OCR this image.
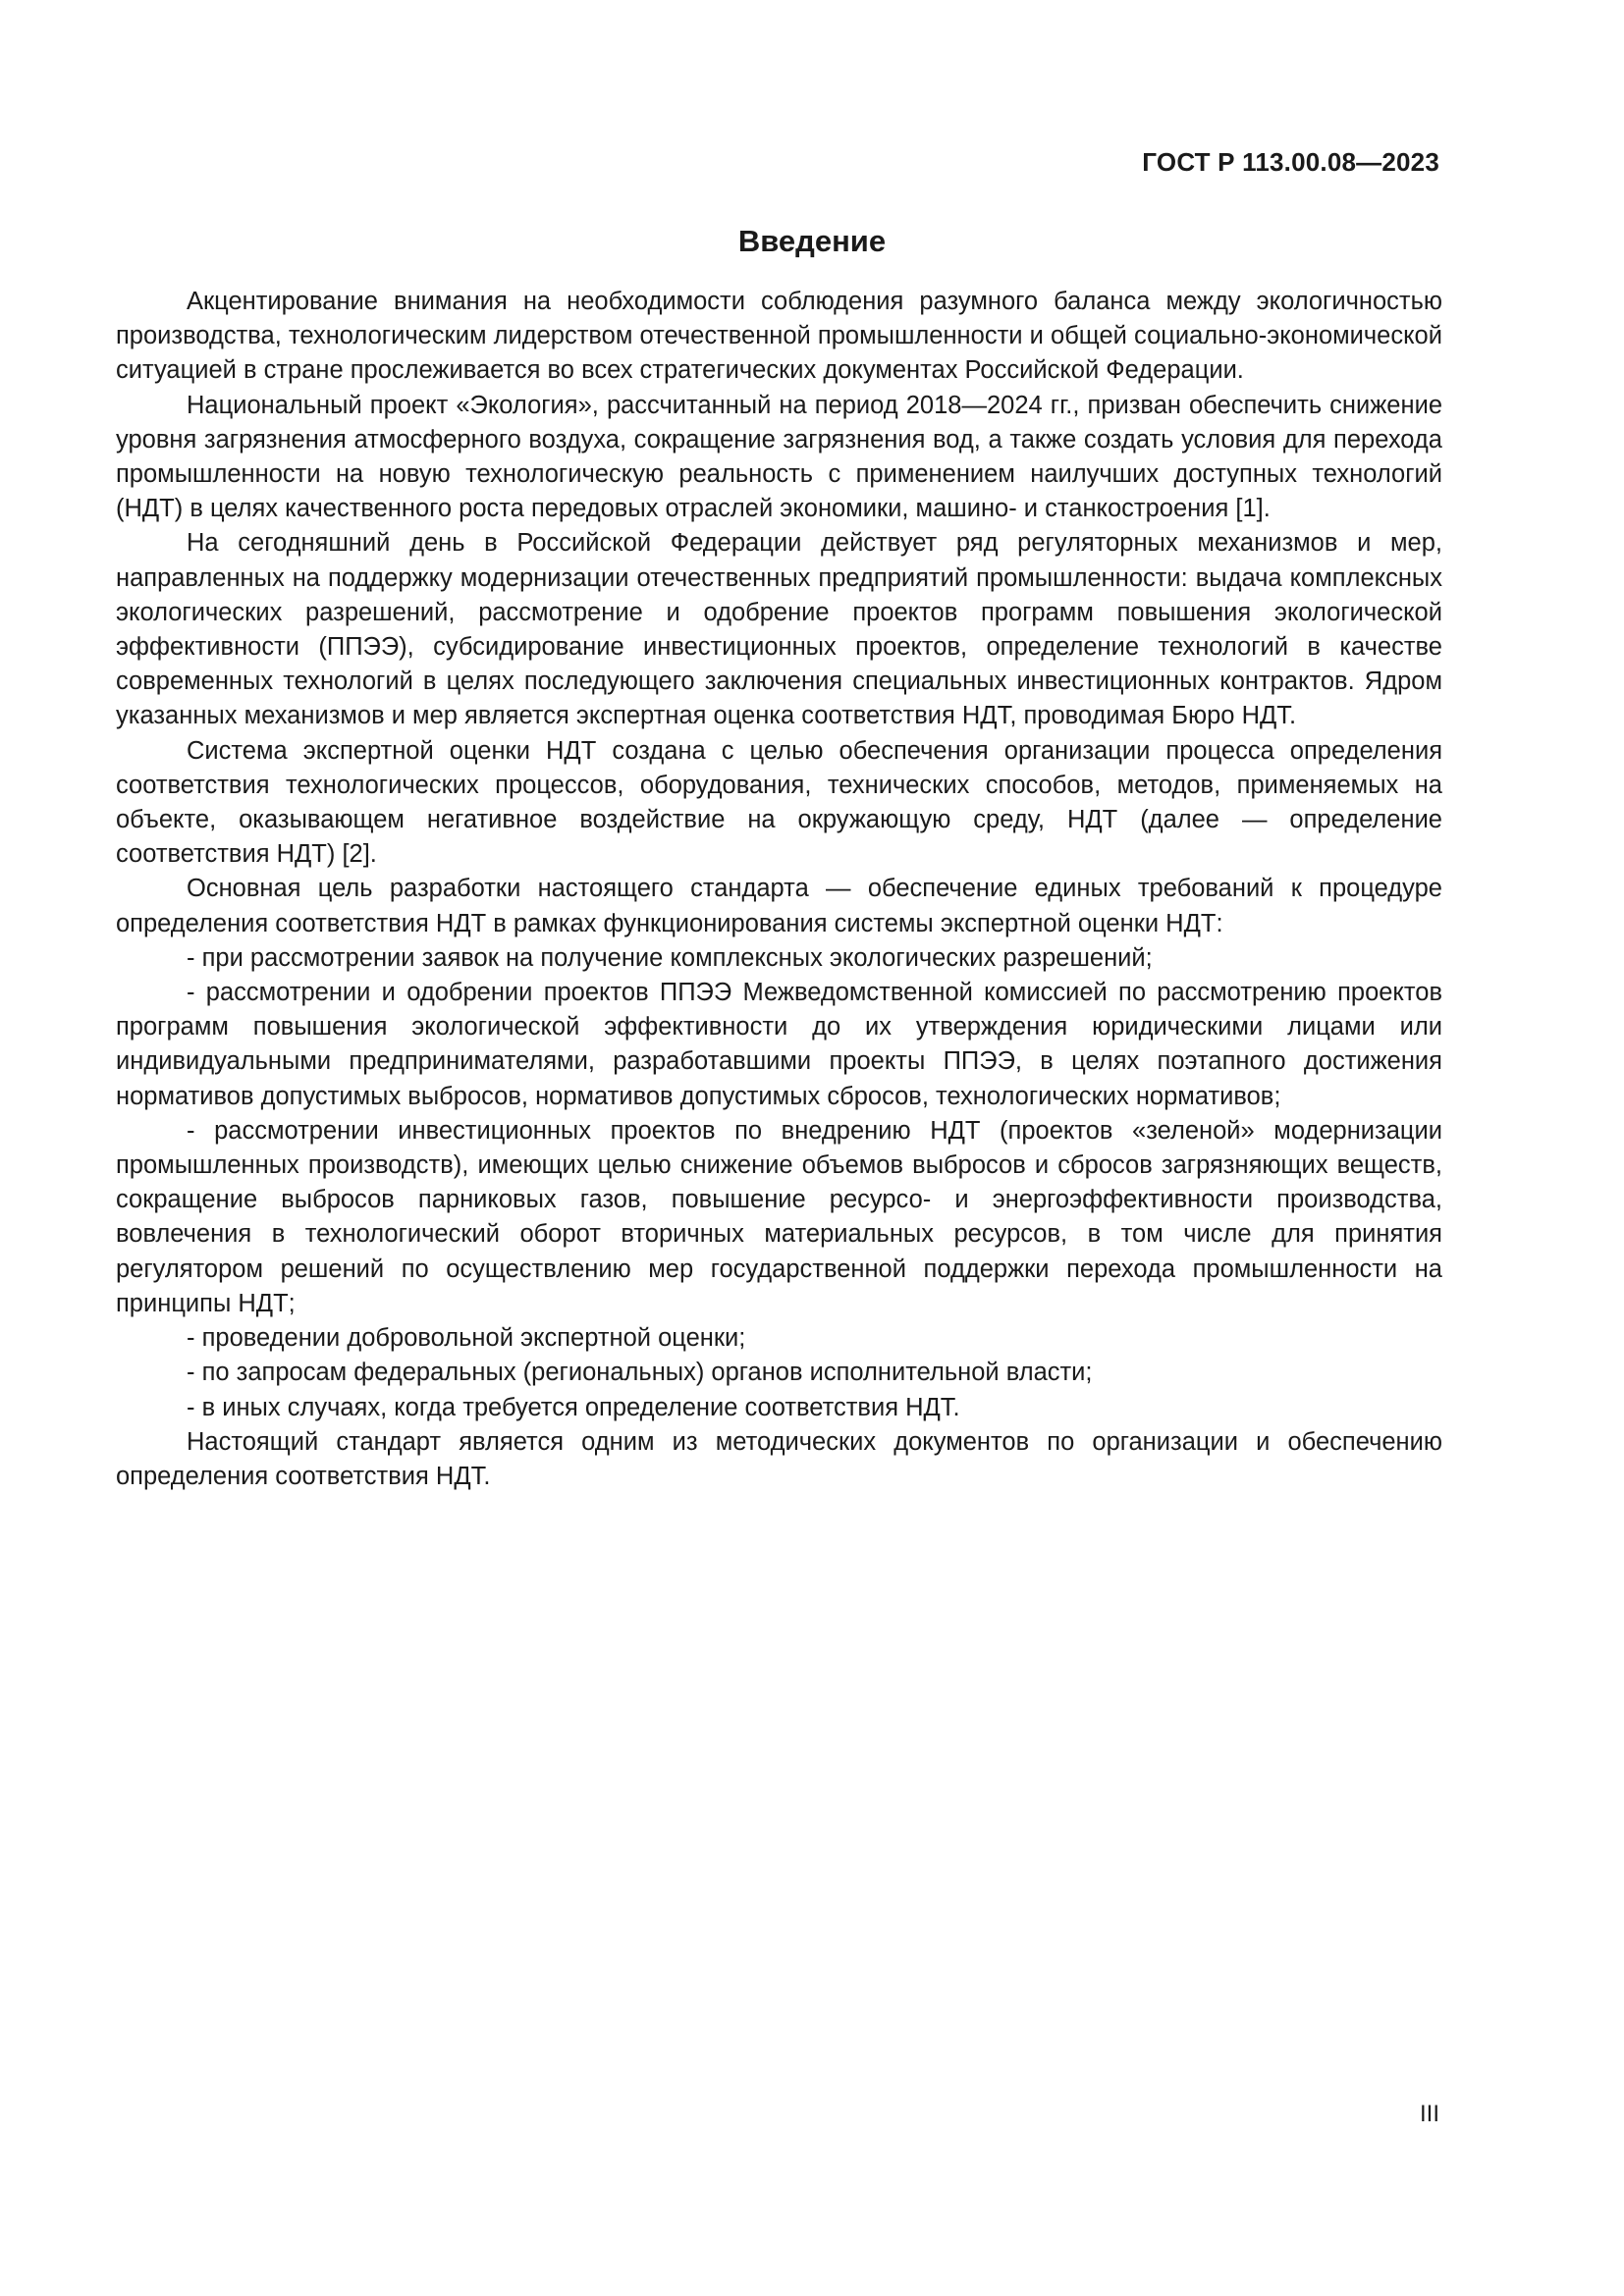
ГОСТ Р 113.00.08—2023
Введение

Акцентирование внимания на необходимости соблюдения разумного баланса между экологичностью производства, технологическим лидерством отечественной промышленности и общей социально-экономической ситуацией в стране прослеживается во всех стратегических документах Российской Федерации.

Национальный проект «Экология», рассчитанный на период 2018—2024 гг., призван обеспечить снижение уровня загрязнения атмосферного воздуха, сокращение загрязнения вод, а также создать условия для перехода промышленности на новую технологическую реальность с применением наилучших доступных технологий (НДТ) в целях качественного роста передовых отраслей экономики, машино- и станкостроения [1].

На сегодняшний день в Российской Федерации действует ряд регуляторных механизмов и мер, направленных на поддержку модернизации отечественных предприятий промышленности: выдача комплексных экологических разрешений, рассмотрение и одобрение проектов программ повышения экологической эффективности (ППЭЭ), субсидирование инвестиционных проектов, определение технологий в качестве современных технологий в целях последующего заключения специальных инвестиционных контрактов. Ядром указанных механизмов и мер является экспертная оценка соответствия НДТ, проводимая Бюро НДТ.

Система экспертной оценки НДТ создана с целью обеспечения организации процесса определения соответствия технологических процессов, оборудования, технических способов, методов, применяемых на объекте, оказывающем негативное воздействие на окружающую среду, НДТ (далее — определение соответствия НДТ) [2].

Основная цель разработки настоящего стандарта — обеспечение единых требований к процедуре определения соответствия НДТ в рамках функционирования системы экспертной оценки НДТ:

- при рассмотрении заявок на получение комплексных экологических разрешений;

- рассмотрении и одобрении проектов ППЭЭ Межведомственной комиссией по рассмотрению проектов программ повышения экологической эффективности до их утверждения юридическими лицами или индивидуальными предпринимателями, разработавшими проекты ППЭЭ, в целях поэтапного достижения нормативов допустимых выбросов, нормативов допустимых сбросов, технологических нормативов;

- рассмотрении инвестиционных проектов по внедрению НДТ (проектов «зеленой» модернизации промышленных производств), имеющих целью снижение объемов выбросов и сбросов загрязняющих веществ, сокращение выбросов парниковых газов, повышение ресурсо- и энергоэффективности производства, вовлечения в технологический оборот вторичных материальных ресурсов, в том числе для принятия регулятором решений по осуществлению мер государственной поддержки перехода промышленности на принципы НДТ;

- проведении добровольной экспертной оценки;

- по запросам федеральных (региональных) органов исполнительной власти;

- в иных случаях, когда требуется определение соответствия НДТ.

Настоящий стандарт является одним из методических документов по организации и обеспечению определения соответствия НДТ.

III
